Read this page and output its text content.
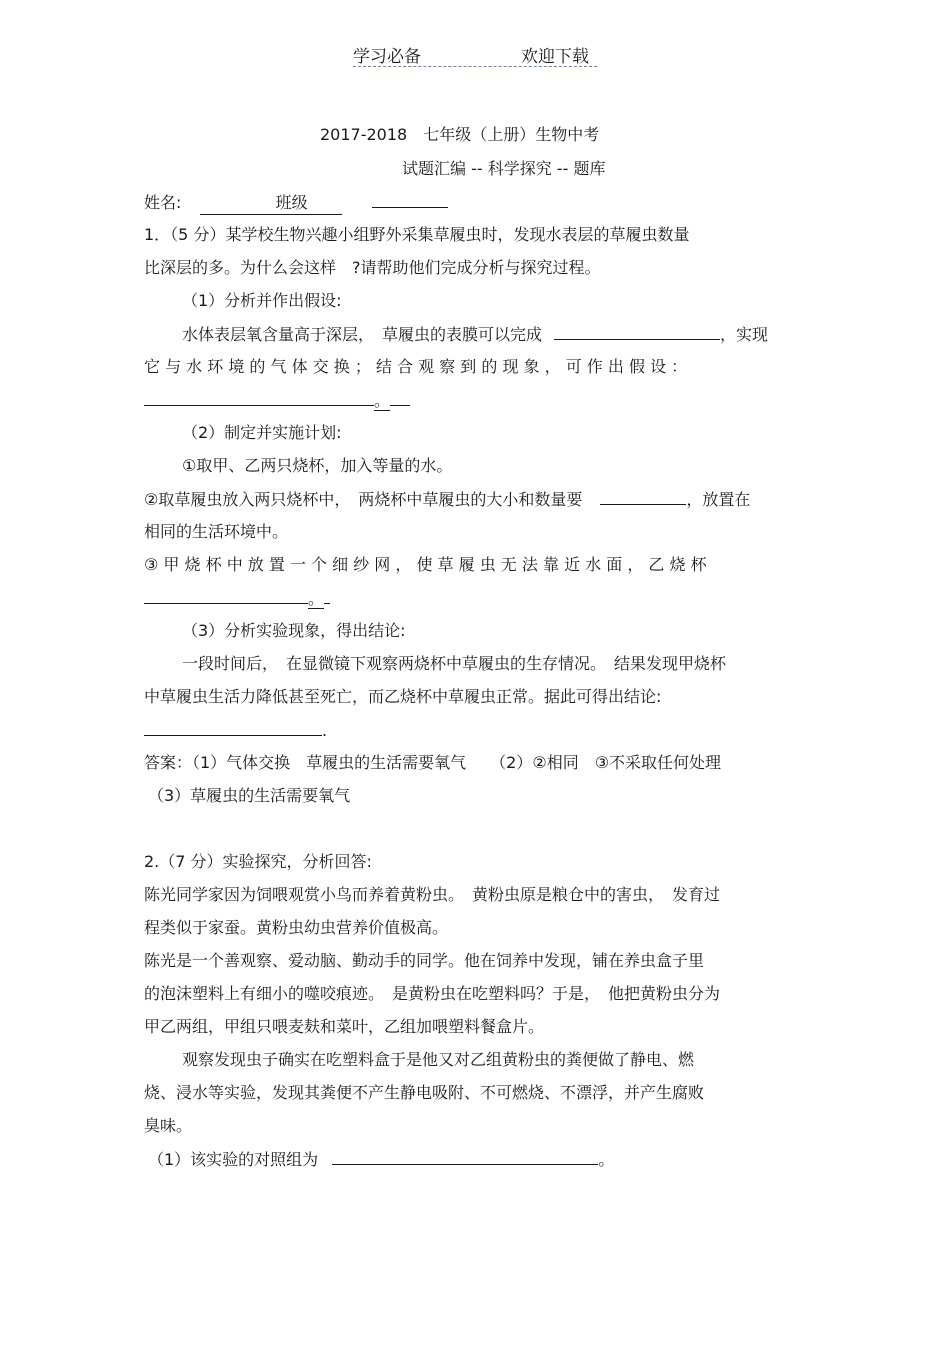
学习必备	欢迎下载
2017-2018　七年级（上册）生物中考
试题汇编 -- 科学探究 -- 题库
姓名:	班级
1．（5 分）某学校生物兴趣小组野外采集草履虫时，发现水表层的草履虫数量
比深层的多。为什么会这样　?请帮助他们完成分析与探究过程。
（1）分析并作出假设:
水体表层氧含量高于深层，　草履虫的表膜可以完成	，实现
它 与 水 环 境 的 气 体 交 换 ； 结 合 观 察 到 的 现 象 ， 可 作 出 假 设 ：
。
（2）制定并实施计划:
①取甲、乙两只烧杯，加入等量的水。
②取草履虫放入两只烧杯中，　两烧杯中草履虫的大小和数量要	，放置在
相同的生活环境中。
③ 甲 烧 杯 中 放 置 一 个 细 纱 网 ， 使 草 履 虫 无 法 靠 近 水 面 ， 乙 烧 杯
。
（3）分析实验现象，得出结论:
一段时间后，　在显微镜下观察两烧杯中草履虫的生存情况。　结果发现甲烧杯
中草履虫生活力降低甚至死亡，而乙烧杯中草履虫正常。据此可得出结论:
.
答案：（1）气体交换　草履虫的生活需要氧气　　（2）②相同　③不采取任何处理
（3）草履虫的生活需要氧气
2.（7 分）实验探究，分析回答:
陈光同学家因为饲喂观赏小鸟而养着黄粉虫。　黄粉虫原是粮仓中的害虫，　发育过
程类似于家蚕。黄粉虫幼虫营养价值极高。
陈光是一个善观察、爱动脑、勤动手的同学。他在饲养中发现，铺在养虫盒子里
的泡沫塑料上有细小的噬咬痕迹。　是黄粉虫在吃塑料吗？于是，　他把黄粉虫分为
甲乙两组，甲组只喂麦麸和菜叶，乙组加喂塑料餐盒片。
观察发现虫子确实在吃塑料盒于是他又对乙组黄粉虫的粪便做了静电、燃
烧、浸水等实验，发现其粪便不产生静电吸附、不可燃烧、不漂浮，并产生腐败
臭味。
（1）该实验的对照组为	。
